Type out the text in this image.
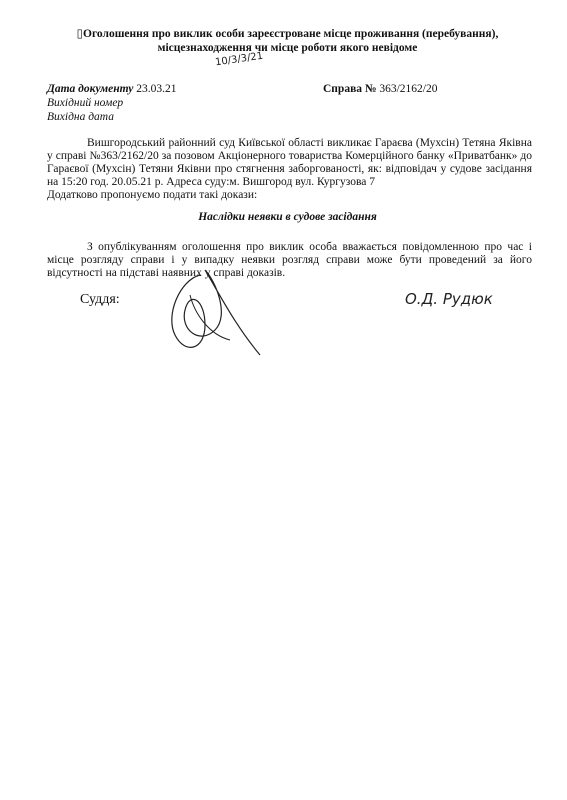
▯Оголошення про виклик особи зареєстроване місце проживання (перебування),
місцезнаходження чи місце роботи якого невідоме
10/3/3/21
Дата документу 23.03.21
Вихідний номер
Вихідна дата
Справа № 363/2162/20
Вишгородський районний суд Київської області викликає Гараєва (Мухсін) Тетяна Яківна у справі №363/2162/20 за позовом Акціонерного товариства Комерційного банку «Приватбанк» до Гараєвої (Мухсін) Тетяни Яківни про стягнення заборгованості, як: відповідач у судове засідання на 15:20 год. 20.05.21 р. Адреса суду:м. Вишгород вул. Кургузова 7
Додатково пропонуємо подати такі докази:
Наслідки неявки в судове засідання
З опублікуванням оголошення про виклик особа вважається повідомленною про час і місце розгляду справи і у випадку неявки розгляд справи може бути проведений за його відсутності на підставі наявних у справі доказів.
Суддя:	О.Д. Рудюк
